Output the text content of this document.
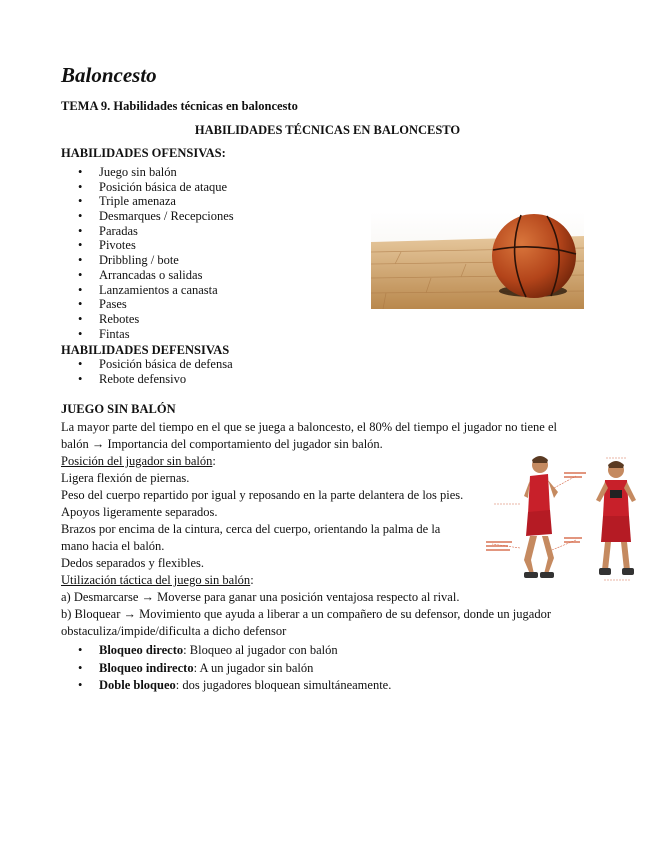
Baloncesto
TEMA 9. Habilidades técnicas en baloncesto
HABILIDADES TÉCNICAS EN BALONCESTO
HABILIDADES OFENSIVAS:
• Juego sin balón
• Posición básica de ataque
• Triple amenaza
• Desmarques / Recepciones
• Paradas
• Pivotes
• Dribbling / bote
• Arrancadas o salidas
• Lanzamientos a canasta
• Pases
• Rebotes
• Fintas
HABILIDADES DEFENSIVAS
• Posición básica de defensa
• Rebote defensivo
JUEGO SIN BALÓN
La mayor parte del tiempo en el que se juega a baloncesto, el 80% del tiempo el jugador no tiene el
balón → Importancia del comportamiento del jugador sin balón.
Posición del jugador sin balón:
Ligera flexión de piernas.
Peso del cuerpo repartido por igual y reposando en la parte delantera de los pies.
Apoyos ligeramente separados.
Brazos por encima de la cintura, cerca del cuerpo, orientando la palma de la
mano hacia el balón.
Dedos separados y flexibles.
Utilización táctica del juego sin balón:
a) Desmarcarse → Moverse para ganar una posición ventajosa respecto al rival.
b) Bloquear → Movimiento que ayuda a liberar a un compañero de su defensor, donde un jugador
obstaculiza/impide/dificulta a dicho defensor
• Bloqueo directo: Bloqueo al jugador con balón
• Bloqueo indirecto: A un jugador sin balón
• Doble bloqueo: dos jugadores bloquean simultáneamente.
